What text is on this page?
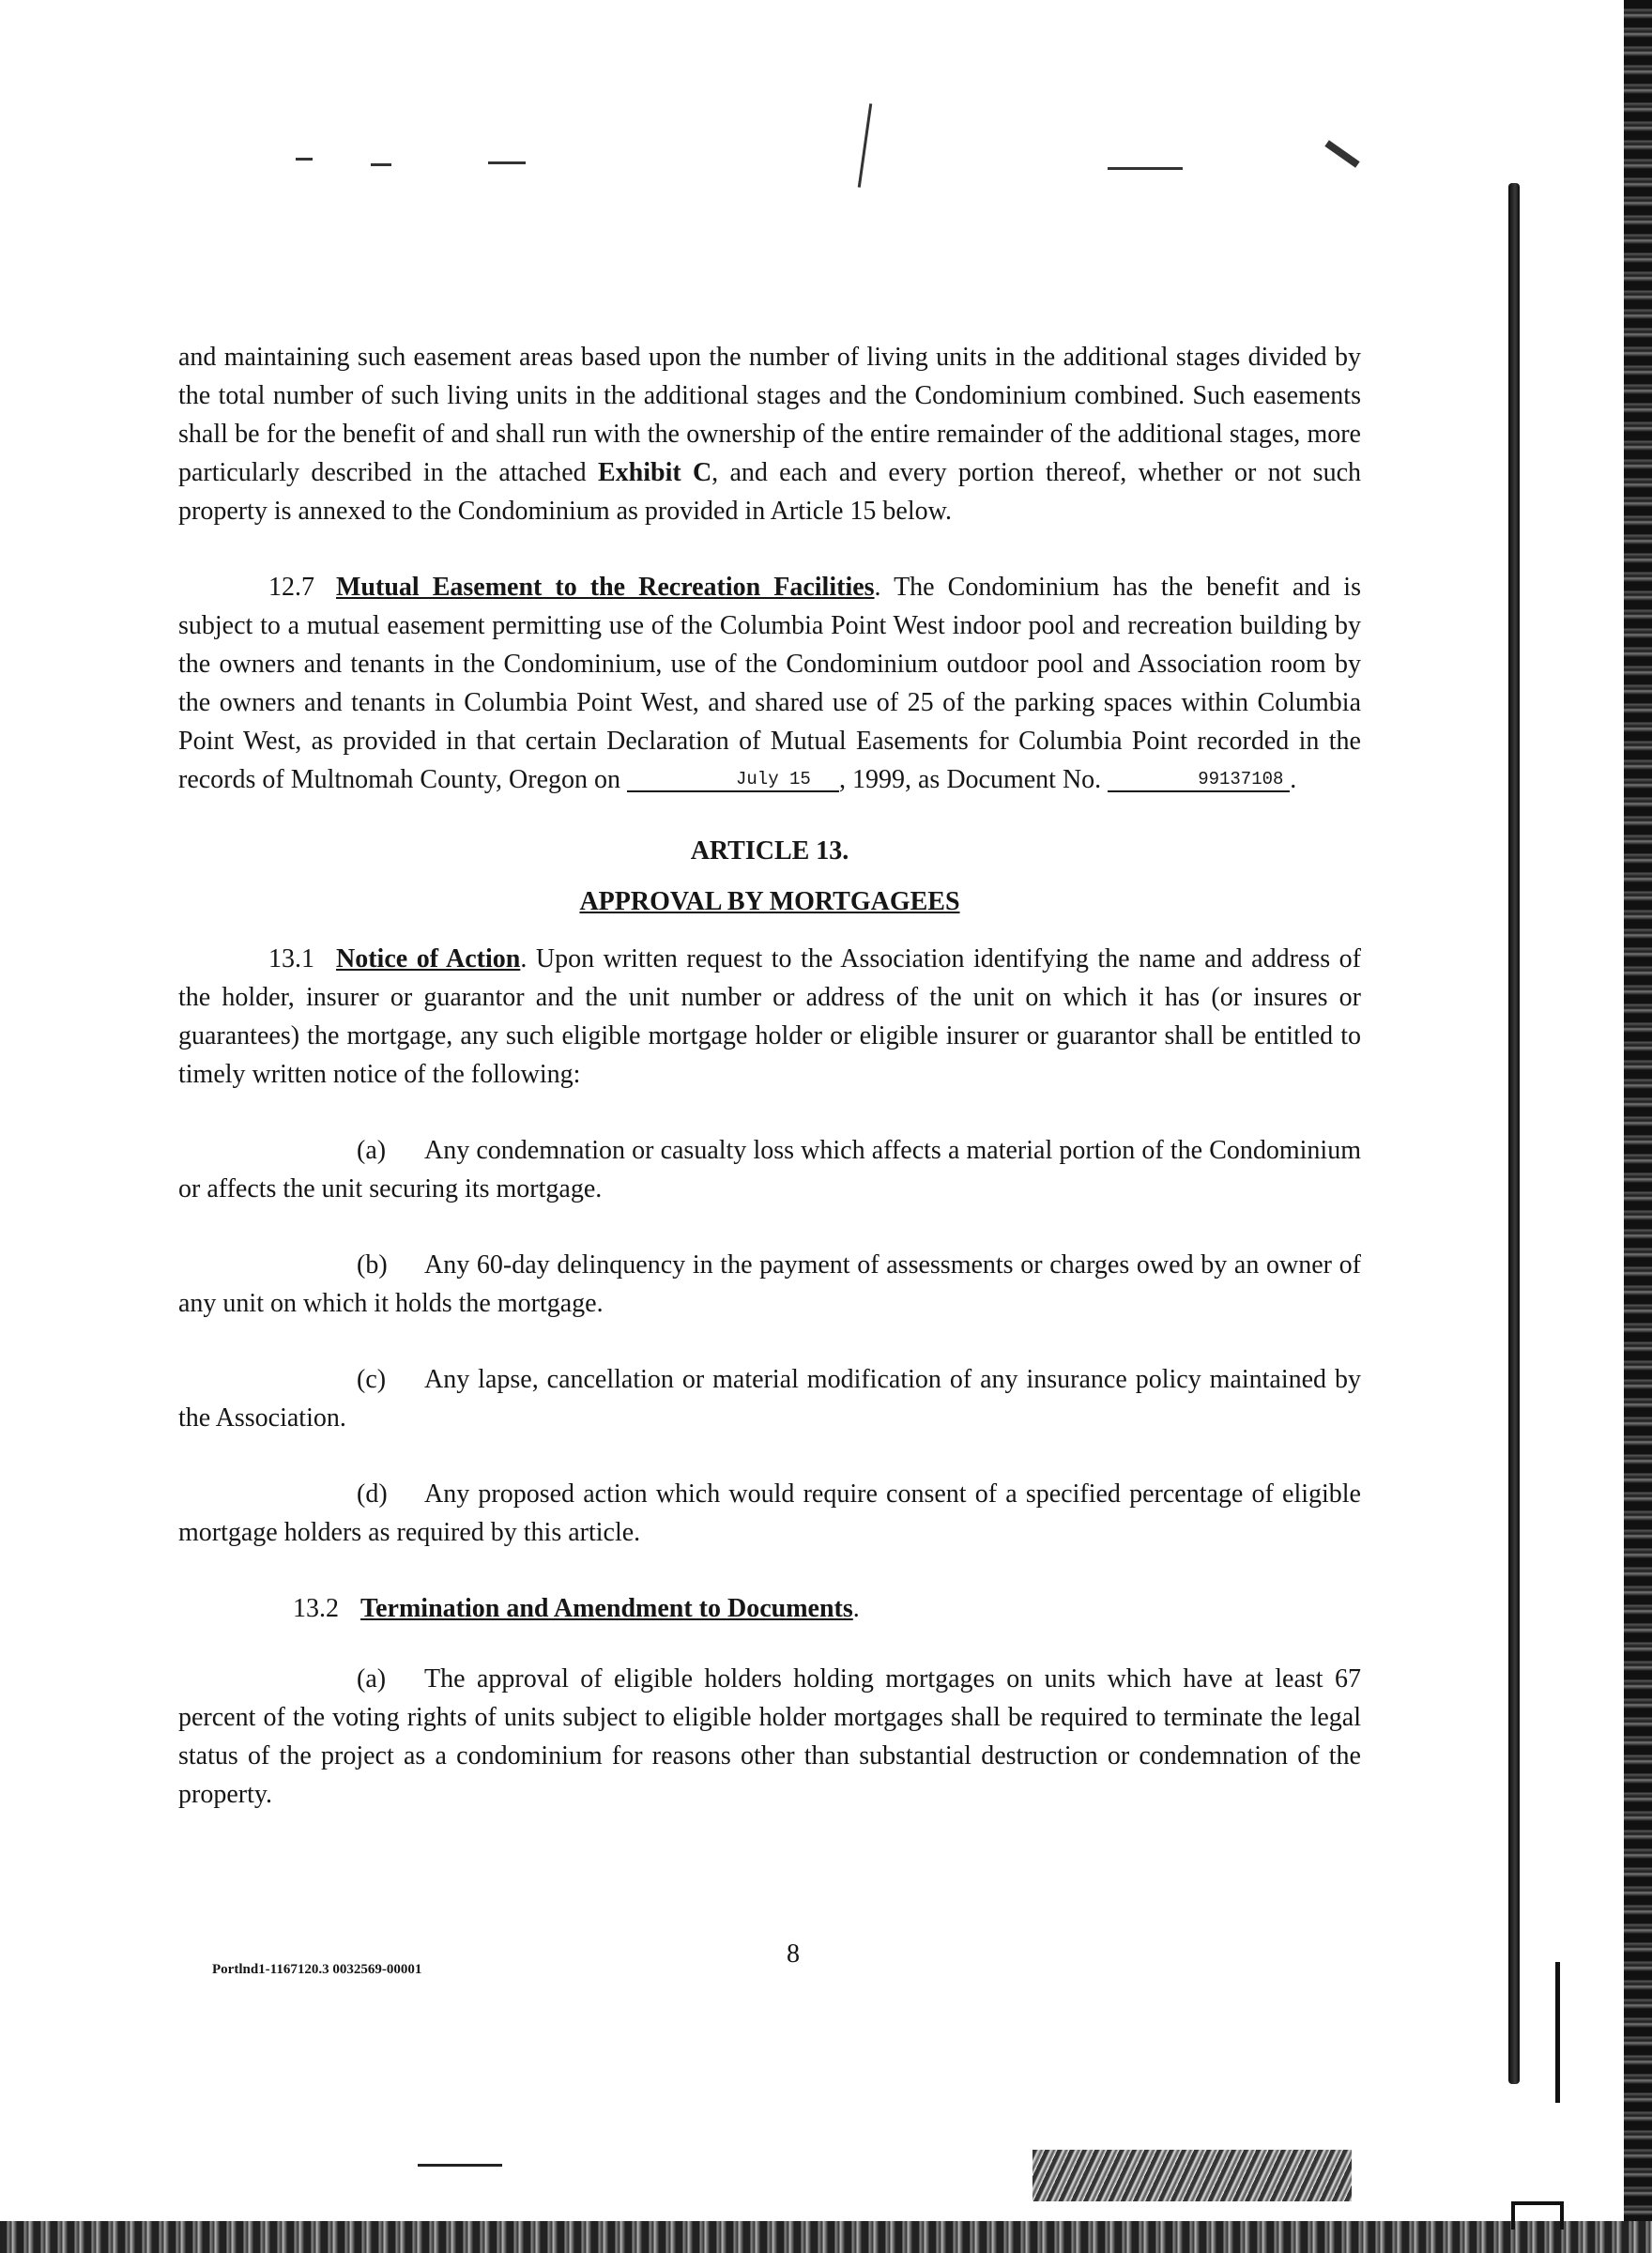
and maintaining such easement areas based upon the number of living units in the additional stages divided by the total number of such living units in the additional stages and the Condominium combined. Such easements shall be for the benefit of and shall run with the ownership of the entire remainder of the additional stages, more particularly described in the attached Exhibit C, and each and every portion thereof, whether or not such property is annexed to the Condominium as provided in Article 15 below.

12.7 Mutual Easement to the Recreation Facilities. The Condominium has the benefit and is subject to a mutual easement permitting use of the Columbia Point West indoor pool and recreation building by the owners and tenants in the Condominium, use of the Condominium outdoor pool and Association room by the owners and tenants in Columbia Point West, and shared use of 25 of the parking spaces within Columbia Point West, as provided in that certain Declaration of Mutual Easements for Columbia Point recorded in the records of Multnomah County, Oregon on	July 15 , 1999, as Document No.	99137108 .

ARTICLE 13.
APPROVAL BY MORTGAGEES

13.1 Notice of Action. Upon written request to the Association identifying the name and address of the holder, insurer or guarantor and the unit number or address of the unit on which it has (or insures or guarantees) the mortgage, any such eligible mortgage holder or eligible insurer or guarantor shall be entitled to timely written notice of the following:

(a) Any condemnation or casualty loss which affects a material portion of the Condominium or affects the unit securing its mortgage.

(b) Any 60-day delinquency in the payment of assessments or charges owed by an owner of any unit on which it holds the mortgage.

(c) Any lapse, cancellation or material modification of any insurance policy maintained by the Association.

(d) Any proposed action which would require consent of a specified percentage of eligible mortgage holders as required by this article.

13.2 Termination and Amendment to Documents.

(a) The approval of eligible holders holding mortgages on units which have at least 67 percent of the voting rights of units subject to eligible holder mortgages shall be required to terminate the legal status of the project as a condominium for reasons other than substantial destruction or condemnation of the property.

8
Portlnd1-1167120.3 0032569-00001
